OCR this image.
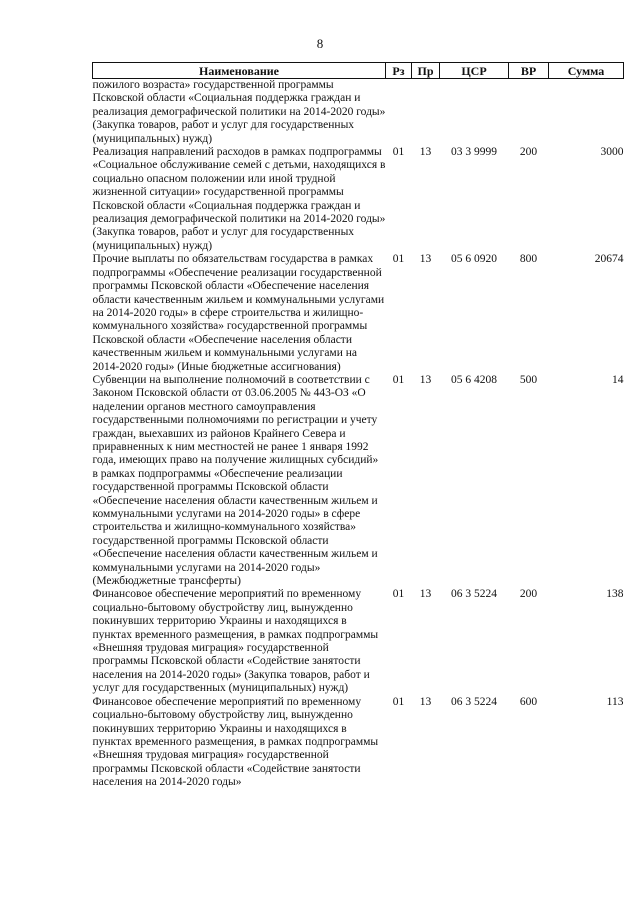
8
Наименование	Рз	Пр	ЦСР	ВР	Сумма
пожилого возраста» государственной программы Псковской области «Социальная поддержка граждан и реализация демографической политики на 2014-2020 годы» (Закупка товаров, работ и услуг для государственных (муниципальных) нужд)					
Реализация направлений расходов в рамках подпрограммы «Социальное обслуживание семей с детьми, находящихся в социально опасном положении или иной трудной жизненной ситуации» государственной программы Псковской области «Социальная поддержка граждан и реализация демографической политики на 2014-2020 годы» (Закупка товаров, работ и услуг для государственных (муниципальных) нужд)	01	13	03 3 9999	200	3000
Прочие выплаты по обязательствам государства в рамках подпрограммы «Обеспечение реализации государственной программы Псковской области «Обеспечение населения области качественным жильем и коммунальными услугами на 2014-2020 годы» в сфере строительства и жилищно-коммунального хозяйства» государственной программы Псковской области «Обеспечение населения области качественным жильем и коммунальными услугами на 2014-2020 годы» (Иные бюджетные ассигнования)	01	13	05 6 0920	800	20674
Субвенции на выполнение полномочий в соответствии с Законом Псковской области от 03.06.2005 № 443-ОЗ «О наделении органов местного самоуправления государственными полномочиями по регистрации и учету граждан, выехавших из районов Крайнего Севера и приравненных к ним местностей не ранее 1 января 1992 года, имеющих право на получение жилищных субсидий» в рамках подпрограммы «Обеспечение реализации государственной программы Псковской области «Обеспечение населения области качественным жильем и коммунальными услугами на 2014-2020 годы» в сфере строительства и жилищно-коммунального хозяйства» государственной программы Псковской области «Обеспечение населения области качественным жильем и коммунальными услугами на 2014-2020 годы» (Межбюджетные трансферты)	01	13	05 6 4208	500	14
Финансовое обеспечение мероприятий по временному социально-бытовому обустройству лиц, вынужденно покинувших территорию Украины и находящихся в пунктах временного размещения, в рамках подпрограммы «Внешняя трудовая миграция» государственной программы Псковской области «Содействие занятости населения на 2014-2020 годы» (Закупка товаров, работ и услуг для государственных (муниципальных) нужд)	01	13	06 3 5224	200	138
Финансовое обеспечение мероприятий по временному социально-бытовому обустройству лиц, вынужденно покинувших территорию Украины и находящихся в пунктах временного размещения, в рамках подпрограммы «Внешняя трудовая миграция» государственной программы Псковской области «Содействие занятости населения на 2014-2020 годы»	01	13	06 3 5224	600	113
